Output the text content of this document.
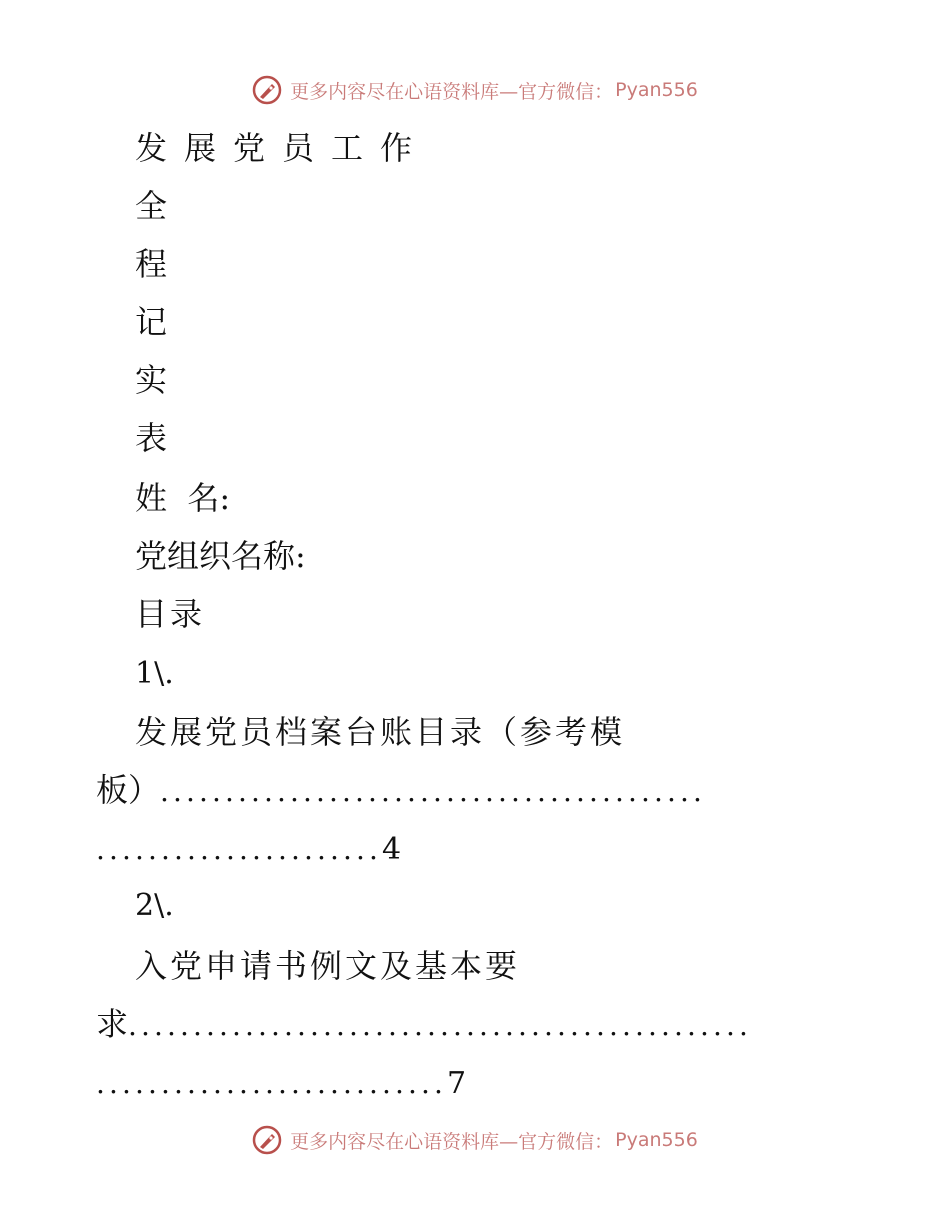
更多内容尽在心语资料库—官方微信： Pyan556
发展党员工作
全
程
记
实
表
姓  名:
党组织名称:
目录
1\.
发展党员档案台账目录（参考模
板）..........................................
......................4
2\.
入党申请书例文及基本要
求................................................
...........................7
更多内容尽在心语资料库—官方微信： Pyan556
